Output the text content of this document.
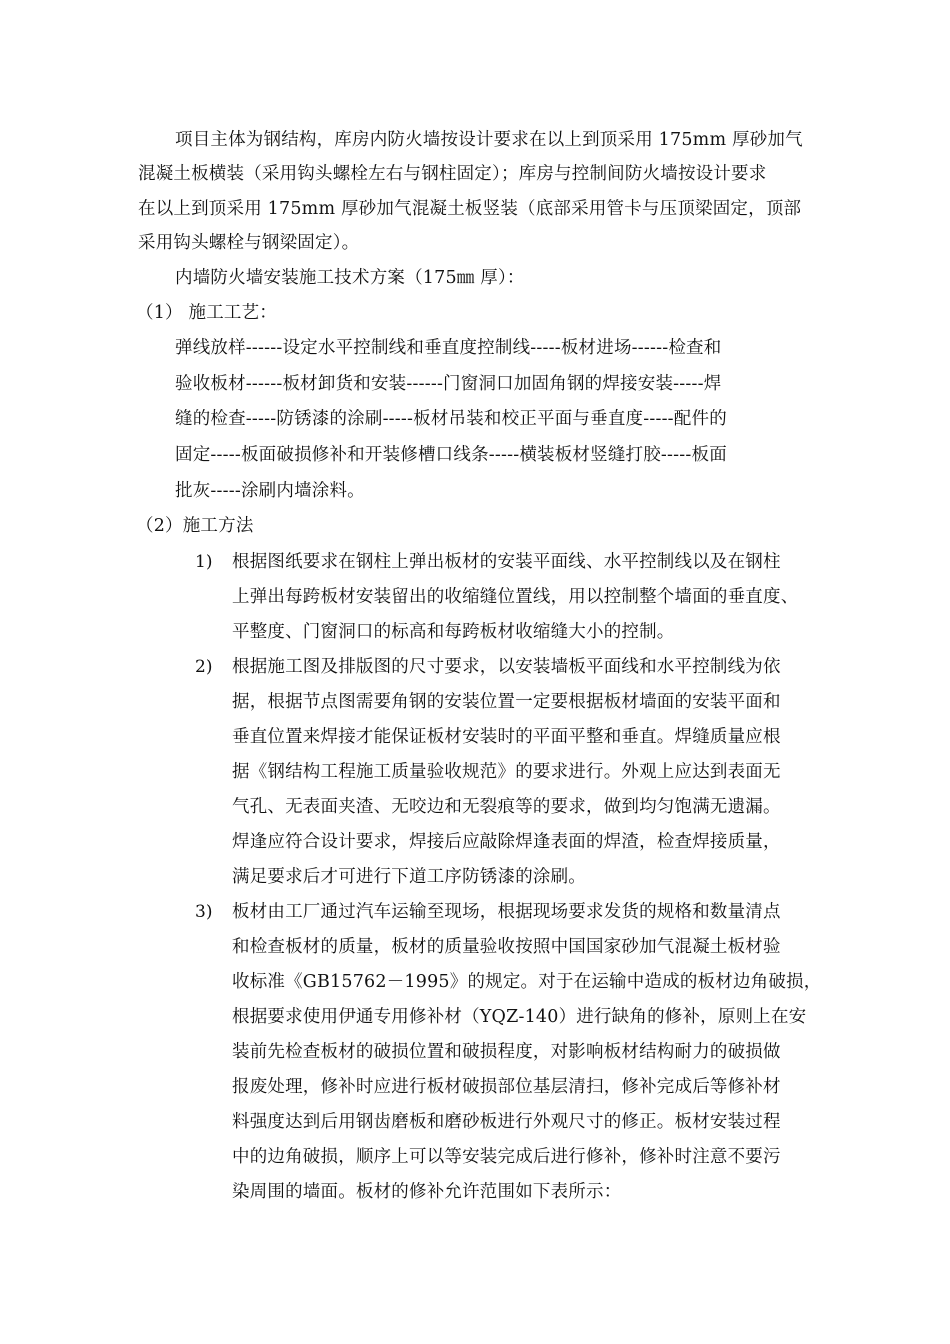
项目主体为钢结构，库房内防火墙按设计要求在以上到顶采用 175mm 厚砂加气
混凝土板横装（采用钩头螺栓左右与钢柱固定）；库房与控制间防火墙按设计要求
在以上到顶采用 175mm 厚砂加气混凝土板竖装（底部采用管卡与压顶梁固定，顶部
采用钩头螺栓与钢梁固定）。
内墙防火墙安装施工技术方案（175㎜ 厚）：
（1） 施工工艺：
弹线放样------设定水平控制线和垂直度控制线-----板材进场------检查和
验收板材------板材卸货和安装------门窗洞口加固角钢的焊接安装-----焊
缝的检查-----防锈漆的涂刷-----板材吊装和校正平面与垂直度-----配件的
固定-----板面破损修补和开装修槽口线条-----横装板材竖缝打胶-----板面
批灰-----涂刷内墙涂料。
（2）施工方法
1) 根据图纸要求在钢柱上弹出板材的安装平面线、水平控制线以及在钢柱
上弹出每跨板材安装留出的收缩缝位置线，用以控制整个墙面的垂直度、
平整度、门窗洞口的标高和每跨板材收缩缝大小的控制。
2) 根据施工图及排版图的尺寸要求，以安装墙板平面线和水平控制线为依
据，根据节点图需要角钢的安装位置一定要根据板材墙面的安装平面和
垂直位置来焊接才能保证板材安装时的平面平整和垂直。焊缝质量应根
据《钢结构工程施工质量验收规范》的要求进行。外观上应达到表面无
气孔、无表面夹渣、无咬边和无裂痕等的要求，做到均匀饱满无遗漏。
焊逢应符合设计要求，焊接后应敲除焊逢表面的焊渣，检查焊接质量，
满足要求后才可进行下道工序防锈漆的涂刷。
3) 板材由工厂通过汽车运输至现场，根据现场要求发货的规格和数量清点
和检查板材的质量，板材的质量验收按照中国国家砂加气混凝土板材验
收标准《GB15762－1995》的规定。对于在运输中造成的板材边角破损，
根据要求使用伊通专用修补材（YQZ-140）进行缺角的修补，原则上在安
装前先检查板材的破损位置和破损程度，对影响板材结构耐力的破损做
报废处理，修补时应进行板材破损部位基层清扫，修补完成后等修补材
料强度达到后用钢齿磨板和磨砂板进行外观尺寸的修正。板材安装过程
中的边角破损，顺序上可以等安装完成后进行修补，修补时注意不要污
染周围的墙面。板材的修补允许范围如下表所示：
